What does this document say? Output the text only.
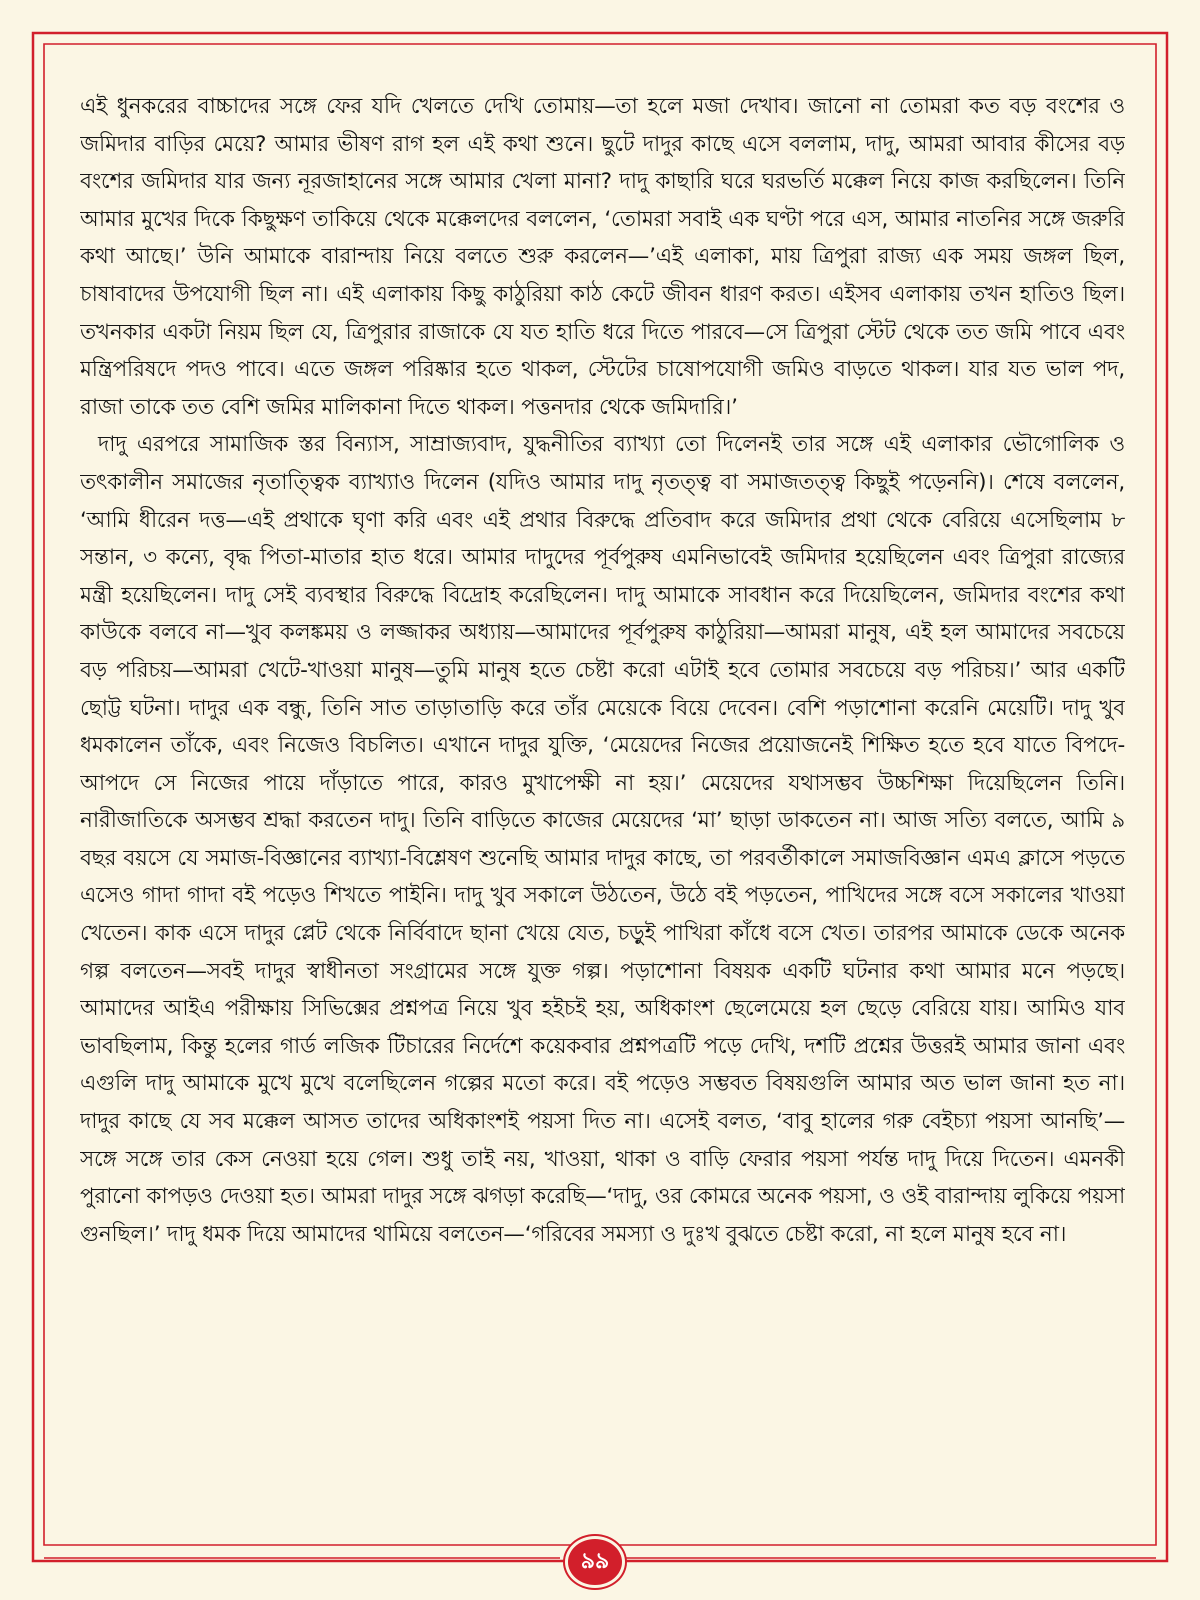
এই ধুনকরের বাচ্চাদের সঙ্গে ফের যদি খেলতে দেখি তোমায়—তা হলে মজা দেখাব। জানো না তোমরা কত বড় বংশের ও জমিদার বাড়ির মেয়ে? আমার ভীষণ রাগ হল এই কথা শুনে। ছুটে দাদুর কাছে এসে বললাম, দাদু, আমরা আবার কীসের বড় বংশের জমিদার যার জন্য নূরজাহানের সঙ্গে আমার খেলা মানা? দাদু কাছারি ঘরে ঘরভর্তি মক্কেল নিয়ে কাজ করছিলেন। তিনি আমার মুখের দিকে কিছুক্ষণ তাকিয়ে থেকে মক্কেলদের বললেন, ‘তোমরা সবাই এক ঘণ্টা পরে এস, আমার নাতনির সঙ্গে জরুরি কথা আছে।’ উনি আমাকে বারান্দায় নিয়ে বলতে শুরু করলেন—’এই এলাকা, মায় ত্রিপুরা রাজ্য এক সময় জঙ্গল ছিল, চাষাবাদের উপযোগী ছিল না। এই এলাকায় কিছু কাঠুরিয়া কাঠ কেটে জীবন ধারণ করত। এইসব এলাকায় তখন হাতিও ছিল। তখনকার একটা নিয়ম ছিল যে, ত্রিপুরার রাজাকে যে যত হাতি ধরে দিতে পারবে—সে ত্রিপুরা স্টেট থেকে তত জমি পাবে এবং মন্ত্রিপরিষদে পদও পাবে। এতে জঙ্গল পরিষ্কার হতে থাকল, স্টেটের চাষোপযোগী জমিও বাড়তে থাকল। যার যত ভাল পদ, রাজা তাকে তত বেশি জমির মালিকানা দিতে থাকল। পত্তনদার থেকে জমিদারি।’

দাদু এরপরে সামাজিক স্তর বিন্যাস, সাম্রাজ্যবাদ, যুদ্ধনীতির ব্যাখ্যা তো দিলেনই তার সঙ্গে এই এলাকার ভৌগোলিক ও তৎকালীন সমাজের নৃতাত্ত্বিক ব্যাখ্যাও দিলেন (যদিও আমার দাদু নৃতত্ত্ব বা সমাজতত্ত্ব কিছুই পড়েননি)। শেষে বললেন, ‘আমি ধীরেন দত্ত—এই প্রথাকে ঘৃণা করি এবং এই প্রথার বিরুদ্ধে প্রতিবাদ করে জমিদার প্রথা থেকে বেরিয়ে এসেছিলাম ৮ সন্তান, ৩ কন্যে, বৃদ্ধ পিতা-মাতার হাত ধরে। আমার দাদুদের পূর্বপুরুষ এমনিভাবেই জমিদার হয়েছিলেন এবং ত্রিপুরা রাজ্যের মন্ত্রী হয়েছিলেন। দাদু সেই ব্যবস্থার বিরুদ্ধে বিদ্রোহ করেছিলেন। দাদু আমাকে সাবধান করে দিয়েছিলেন, জমিদার বংশের কথা কাউকে বলবে না—খুব কলঙ্কময় ও লজ্জাকর অধ্যায়—আমাদের পূর্বপুরুষ কাঠুরিয়া—আমরা মানুষ, এই হল আমাদের সবচেয়ে বড় পরিচয়—আমরা খেটে-খাওয়া মানুষ—তুমি মানুষ হতে চেষ্টা করো এটাই হবে তোমার সবচেয়ে বড় পরিচয়।’ আর একটি ছোট্ট ঘটনা। দাদুর এক বন্ধু, তিনি সাত তাড়াতাড়ি করে তাঁর মেয়েকে বিয়ে দেবেন। বেশি পড়াশোনা করেনি মেয়েটি। দাদু খুব ধমকালেন তাঁকে, এবং নিজেও বিচলিত। এখানে দাদুর যুক্তি, ‘মেয়েদের নিজের প্রয়োজনেই শিক্ষিত হতে হবে যাতে বিপদে-আপদে সে নিজের পায়ে দাঁড়াতে পারে, কারও মুখাপেক্ষী না হয়।’ মেয়েদের যথাসম্ভব উচ্চশিক্ষা দিয়েছিলেন তিনি। নারীজাতিকে অসম্ভব শ্রদ্ধা করতেন দাদু। তিনি বাড়িতে কাজের মেয়েদের ‘মা’ ছাড়া ডাকতেন না। আজ সত্যি বলতে, আমি ৯ বছর বয়সে যে সমাজ-বিজ্ঞানের ব্যাখ্যা-বিশ্লেষণ শুনেছি আমার দাদুর কাছে, তা পরবর্তীকালে সমাজবিজ্ঞান এমএ ক্লাসে পড়তে এসেও গাদা গাদা বই পড়েও শিখতে পাইনি। দাদু খুব সকালে উঠতেন, উঠে বই পড়তেন, পাখিদের সঙ্গে বসে সকালের খাওয়া খেতেন। কাক এসে দাদুর প্লেট থেকে নির্বিবাদে ছানা খেয়ে যেত, চড়ুই পাখিরা কাঁধে বসে খেত। তারপর আমাকে ডেকে অনেক গল্প বলতেন—সবই দাদুর স্বাধীনতা সংগ্রামের সঙ্গে যুক্ত গল্প। পড়াশোনা বিষয়ক একটি ঘটনার কথা আমার মনে পড়ছে। আমাদের আইএ পরীক্ষায় সিভিক্সের প্রশ্নপত্র নিয়ে খুব হইচই হয়, অধিকাংশ ছেলেমেয়ে হল ছেড়ে বেরিয়ে যায়। আমিও যাব ভাবছিলাম, কিন্তু হলের গার্ড লজিক টিচারের নির্দেশে কয়েকবার প্রশ্নপত্রটি পড়ে দেখি, দশটি প্রশ্নের উত্তরই আমার জানা এবং এগুলি দাদু আমাকে মুখে মুখে বলেছিলেন গল্পের মতো করে। বই পড়েও সম্ভবত বিষয়গুলি আমার অত ভাল জানা হত না। দাদুর কাছে যে সব মক্কেল আসত তাদের অধিকাংশই পয়সা দিত না। এসেই বলত, ‘বাবু হালের গরু বেইচ্যা পয়সা আনছি’—সঙ্গে সঙ্গে তার কেস নেওয়া হয়ে গেল। শুধু তাই নয়, খাওয়া, থাকা ও বাড়ি ফেরার পয়সা পর্যন্ত দাদু দিয়ে দিতেন। এমনকী পুরানো কাপড়ও দেওয়া হত। আমরা দাদুর সঙ্গে ঝগড়া করেছি—‘দাদু, ওর কোমরে অনেক পয়সা, ও ওই বারান্দায় লুকিয়ে পয়সা গুনছিল।’ দাদু ধমক দিয়ে আমাদের থামিয়ে বলতেন—‘গরিবের সমস্যা ও দুঃখ বুঝতে চেষ্টা করো, না হলে মানুষ হবে না।

৯৯
